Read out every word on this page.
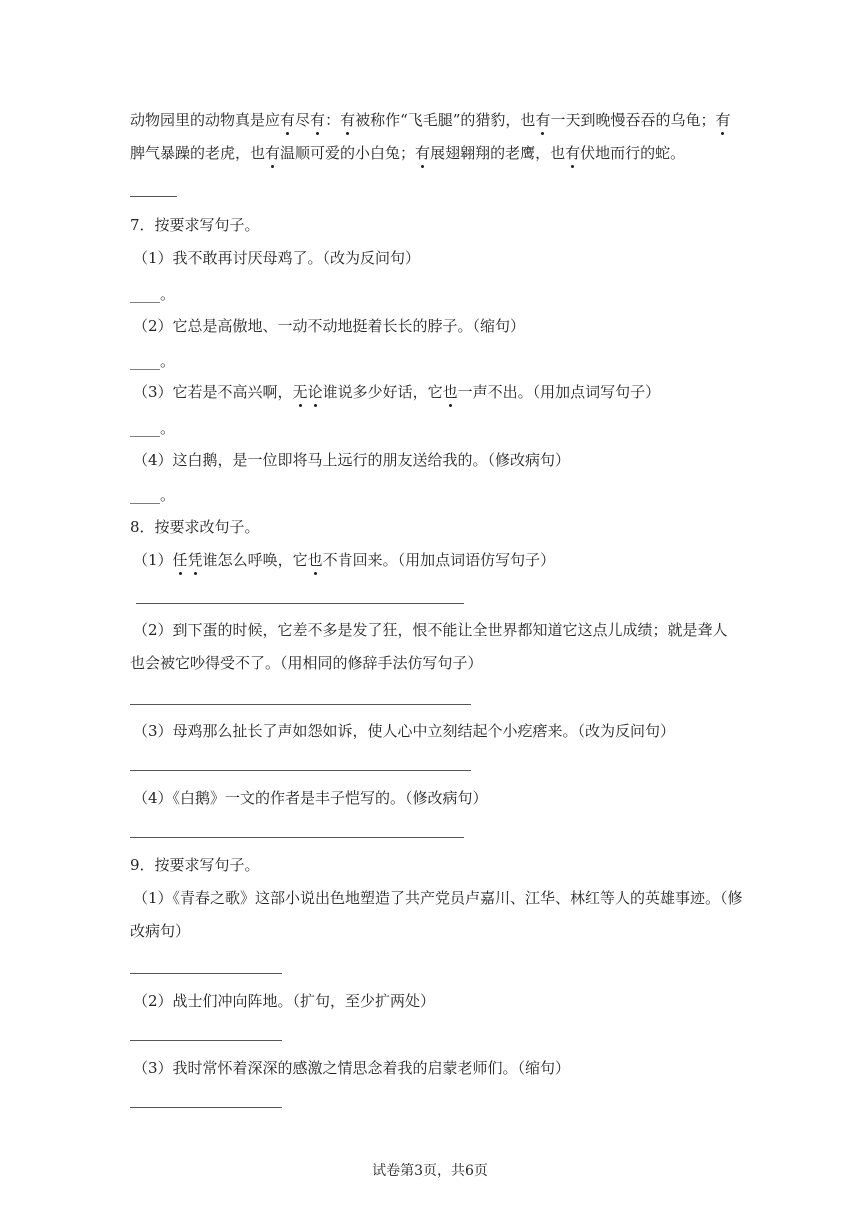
动物园里的动物真是应有尽有：有被称作“飞毛腿”的猎豹，也有一天到晚慢吞吞的乌龟；有
脾气暴躁的老虎，也有温顺可爱的小白兔；有展翅翱翔的老鹰，也有伏地而行的蛇。
7．按要求写句子。
（1）我不敢再讨厌母鸡了。（改为反问句）
____。
（2）它总是高傲地、一动不动地挺着长长的脖子。（缩句）
____。
（3）它若是不高兴啊，无论谁说多少好话，它也一声不出。（用加点词写句子）
____。
（4）这白鹅，是一位即将马上远行的朋友送给我的。（修改病句）
____。
8．按要求改句子。
（1）任凭谁怎么呼唤，它也不肯回来。（用加点词语仿写句子）
（2）到下蛋的时候，它差不多是发了狂，恨不能让全世界都知道它这点儿成绩；就是聋人
也会被它吵得受不了。（用相同的修辞手法仿写句子）
（3）母鸡那么扯长了声如怨如诉，使人心中立刻结起个小疙瘩来。（改为反问句）
（4）《白鹅》一文的作者是丰子恺写的。（修改病句）
9．按要求写句子。
（1）《青春之歌》这部小说出色地塑造了共产党员卢嘉川、江华、林红等人的英雄事迹。（修
改病句）
（2）战士们冲向阵地。（扩句，至少扩两处）
（3）我时常怀着深深的感激之情思念着我的启蒙老师们。（缩句）
试卷第3页，共6页
